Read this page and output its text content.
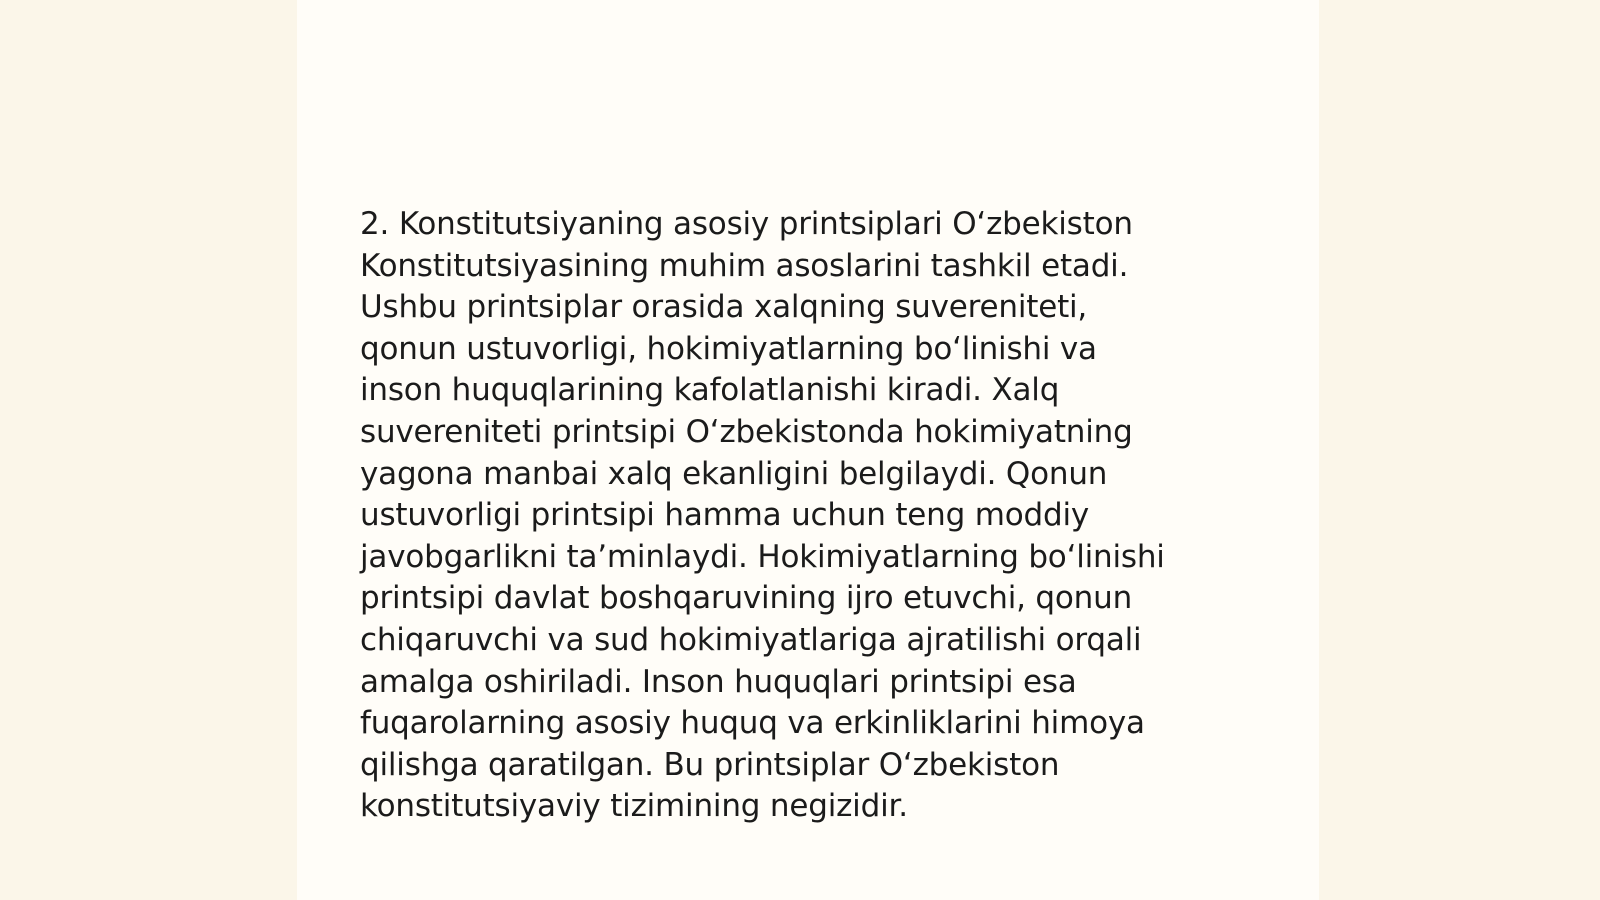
2. Konstitutsiyaning asosiy printsiplari Oʻzbekiston
Konstitutsiyasining muhim asoslarini tashkil etadi.
Ushbu printsiplar orasida xalqning suvereniteti,
qonun ustuvorligi, hokimiyatlarning boʻlinishi va
inson huquqlarining kafolatlanishi kiradi. Xalq
suvereniteti printsipi Oʻzbekistonda hokimiyatning
yagona manbai xalq ekanligini belgilaydi. Qonun
ustuvorligi printsipi hamma uchun teng moddiy
javobgarlikni taʼminlaydi. Hokimiyatlarning boʻlinishi
printsipi davlat boshqaruvining ijro etuvchi, qonun
chiqaruvchi va sud hokimiyatlariga ajratilishi orqali
amalga oshiriladi. Inson huquqlari printsipi esa
fuqarolarning asosiy huquq va erkinliklarini himoya
qilishga qaratilgan. Bu printsiplar Oʻzbekiston
konstitutsiyaviy tizimining negizidir.
